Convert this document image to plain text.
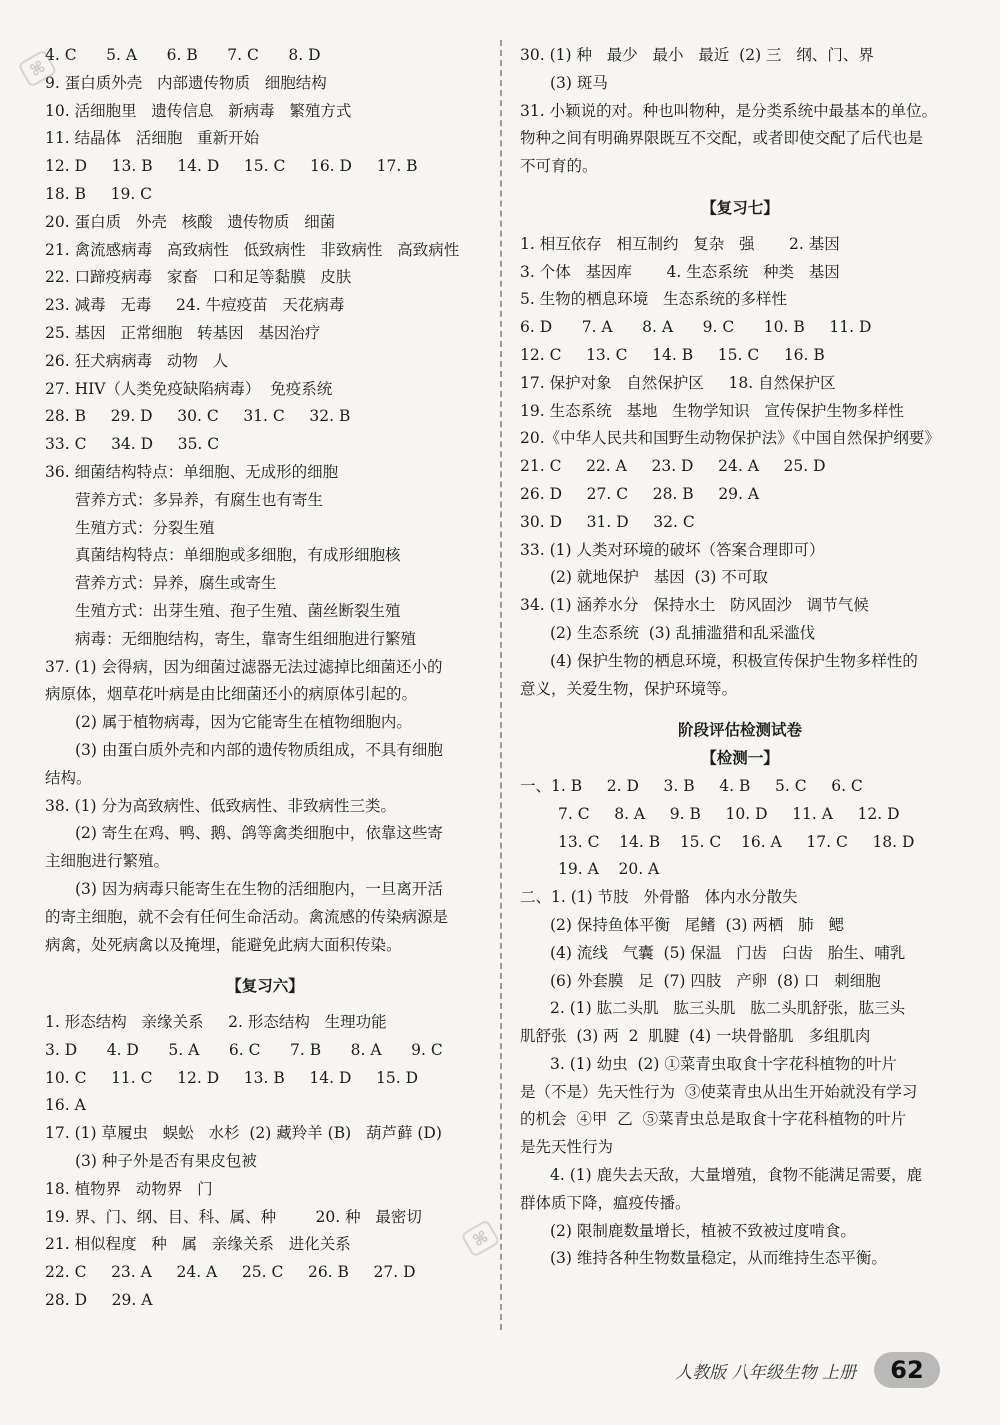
4. C      5. A      6. B      7. C      8. D
9. 蛋白质外壳   内部遗传物质   细胞结构
10. 活细胞里   遗传信息   新病毒   繁殖方式
11. 结晶体   活细胞   重新开始
12. D     13. B     14. D     15. C     16. D     17. B
18. B     19. C
20. 蛋白质   外壳   核酸   遗传物质   细菌
21. 禽流感病毒   高致病性   低致病性   非致病性   高致病性
22. 口蹄疫病毒   家畜   口和足等黏膜   皮肤
23. 减毒   无毒     24. 牛痘疫苗   天花病毒
25. 基因   正常细胞   转基因   基因治疗
26. 狂犬病病毒   动物   人
27. HIV（人类免疫缺陷病毒）  免疫系统
28. B     29. D     30. C     31. C     32. B
33. C     34. D     35. C
36. 细菌结构特点：单细胞、无成形的细胞
营养方式：多异养，有腐生也有寄生
生殖方式：分裂生殖
真菌结构特点：单细胞或多细胞，有成形细胞核
营养方式：异养，腐生或寄生
生殖方式：出芽生殖、孢子生殖、菌丝断裂生殖
病毒：无细胞结构，寄生，靠寄生组细胞进行繁殖
37. (1) 会得病，因为细菌过滤器无法过滤掉比细菌还小的
病原体，烟草花叶病是由比细菌还小的病原体引起的。
(2) 属于植物病毒，因为它能寄生在植物细胞内。
(3) 由蛋白质外壳和内部的遗传物质组成，不具有细胞
结构。
38. (1) 分为高致病性、低致病性、非致病性三类。
(2) 寄生在鸡、鸭、鹅、鸽等禽类细胞中，依靠这些寄
主细胞进行繁殖。
(3) 因为病毒只能寄生在生物的活细胞内，一旦离开活
的寄主细胞，就不会有任何生命活动。禽流感的传染病源是
病禽，处死病禽以及掩埋，能避免此病大面积传染。
【复习六】
1. 形态结构   亲缘关系     2. 形态结构   生理功能
3. D      4. D      5. A      6. C      7. B      8. A      9. C
10. C     11. C     12. D     13. B     14. D     15. D
16. A
17. (1) 草履虫   蜈蚣   水杉  (2) 藏羚羊 (B)   葫芦藓 (D)
(3) 种子外是否有果皮包被
18. 植物界   动物界   门
19. 界、门、纲、目、科、属、种        20. 种   最密切
21. 相似程度   种   属   亲缘关系   进化关系
22. C     23. A     24. A     25. C     26. B     27. D
28. D     29. A
30. (1) 种   最少   最小   最近  (2) 三   纲、门、界
(3) 斑马
31. 小颖说的对。种也叫物种，是分类系统中最基本的单位。
物种之间有明确界限既互不交配，或者即使交配了后代也是
不可育的。
【复习七】
1. 相互依存   相互制约   复杂   强       2. 基因
3. 个体   基因库       4. 生态系统   种类   基因
5. 生物的栖息环境   生态系统的多样性
6. D      7. A      8. A      9. C      10. B     11. D
12. C     13. C     14. B     15. C     16. B
17. 保护对象   自然保护区     18. 自然保护区
19. 生态系统   基地   生物学知识   宣传保护生物多样性
20.《中华人民共和国野生动物保护法》《中国自然保护纲要》
21. C     22. A     23. D     24. A     25. D
26. D     27. C     28. B     29. A
30. D     31. D     32. C
33. (1) 人类对环境的破坏（答案合理即可）
(2) 就地保护   基因  (3) 不可取
34. (1) 涵养水分   保持水土   防风固沙   调节气候
(2) 生态系统  (3) 乱捕滥猎和乱采滥伐
(4) 保护生物的栖息环境，积极宣传保护生物多样性的
意义，关爱生物，保护环境等。
阶段评估检测试卷
【检测一】
一、1. B     2. D     3. B     4. B     5. C     6. C
7. C     8. A     9. B     10. D     11. A     12. D
13. C    14. B    15. C    16. A     17. C     18. D
19. A    20. A
二、1. (1) 节肢   外骨骼   体内水分散失
(2) 保持鱼体平衡   尾鳍  (3) 两栖   肺   鳃
(4) 流线   气囊  (5) 保温   门齿   臼齿   胎生、哺乳
(6) 外套膜   足  (7) 四肢   产卵  (8) 口   刺细胞
2. (1) 肱二头肌   肱三头肌   肱二头肌舒张，肱三头
肌舒张  (3) 两  2  肌腱  (4) 一块骨骼肌   多组肌肉
3. (1) 幼虫  (2) ①菜青虫取食十字花科植物的叶片
是（不是）先天性行为  ③使菜青虫从出生开始就没有学习
的机会  ④甲  乙  ⑤菜青虫总是取食十字花科植物的叶片
是先天性行为
4. (1) 鹿失去天敌，大量增殖，食物不能满足需要，鹿
群体质下降，瘟疫传播。
(2) 限制鹿数量增长，植被不致被过度啃食。
(3) 维持各种生物数量稳定，从而维持生态平衡。
⌘
⌘
人教版 八年级生物 上册	62
